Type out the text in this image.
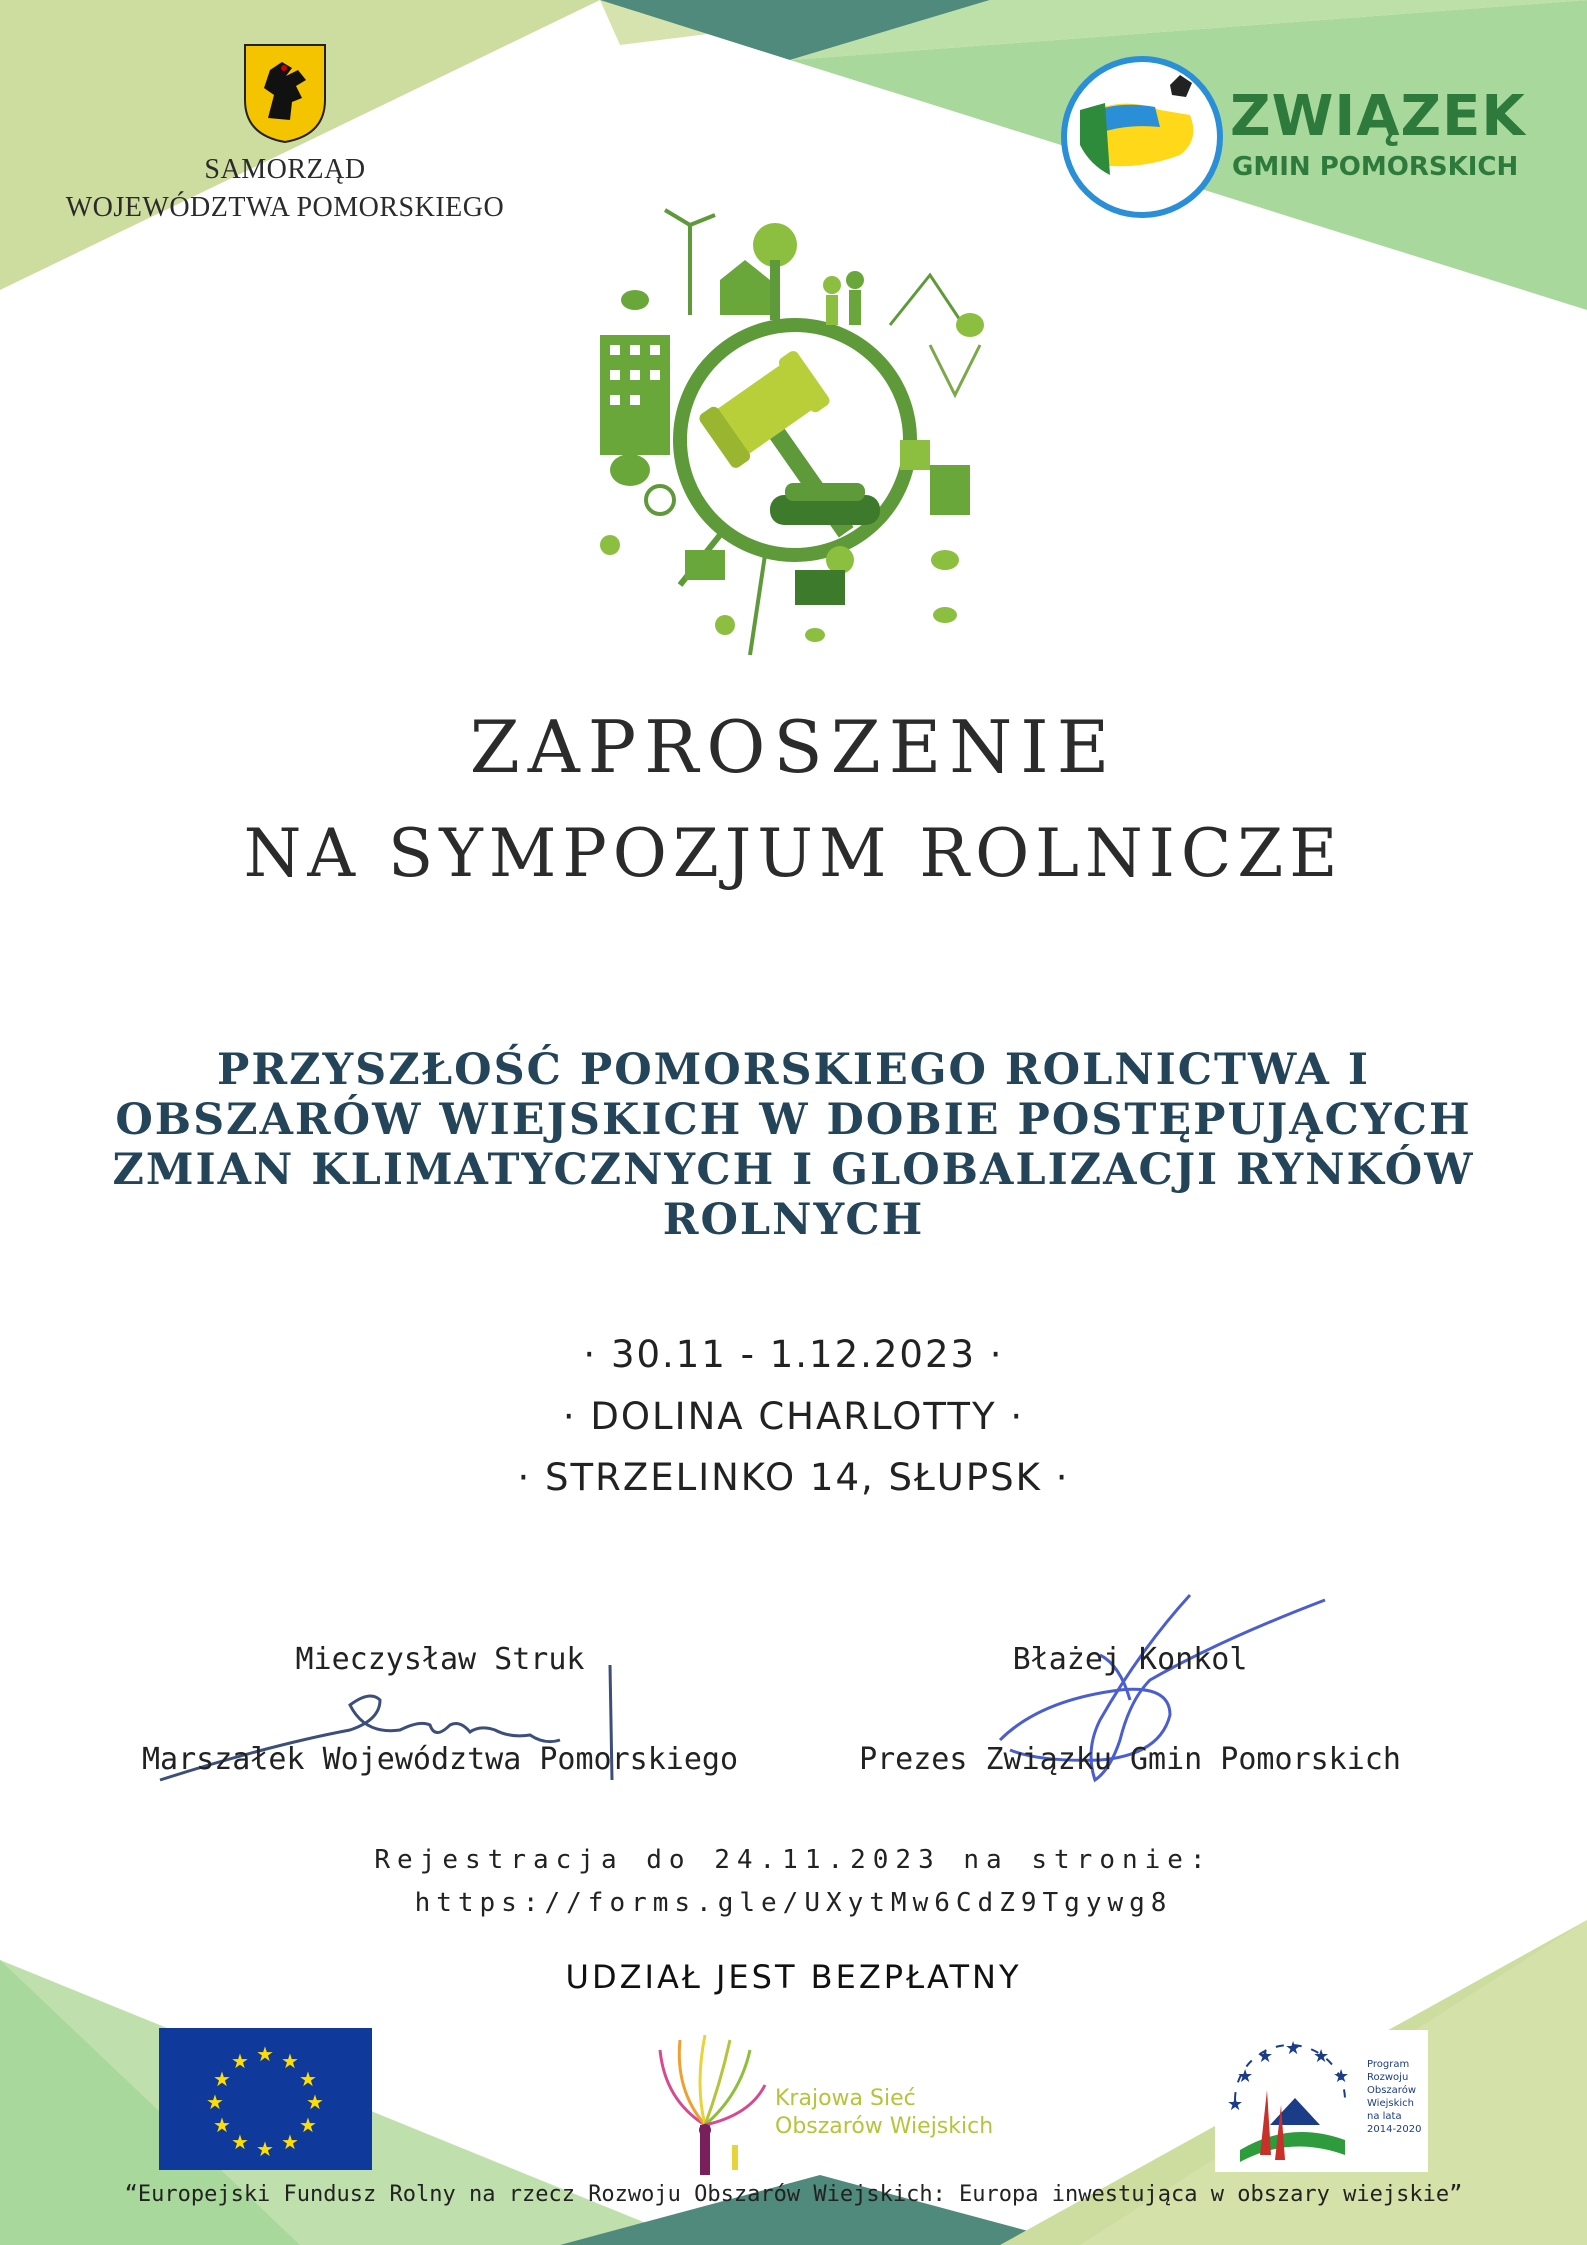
SAMORZĄD
WOJEWÓDZTWA POMORSKIEGO
ZWIĄZEK
GMIN POMORSKICH
ZAPROSZENIE
NA SYMPOZJUM ROLNICZE
PRZYSZŁOŚĆ POMORSKIEGO ROLNICTWA I OBSZARÓW WIEJSKICH W DOBIE POSTĘPUJĄCYCH ZMIAN KLIMATYCZNYCH I GLOBALIZACJI RYNKÓW ROLNYCH
· 30.11 - 1.12.2023 ·
· DOLINA CHARLOTTY ·
· STRZELINKO 14, SŁUPSK ·
Mieczysław Struk
Marszałek Województwa Pomorskiego
Błażej Konkol
Prezes Związku Gmin Pomorskich
Rejestracja do 24.11.2023 na stronie:
https://forms.gle/UXytMw6CdZ9Tgywg8
UDZIAŁ JEST BEZPŁATNY
★ ★
★
★
★
★
★
★
★
★
★
★
Krajowa Sieć
Obszarów Wiejskich
★
★
★ ★ ★
★
Program
Rozwoju
Obszarów
Wiejskich
na lata 2014-2020
“Europejski Fundusz Rolny na rzecz Rozwoju Obszarów Wiejskich: Europa inwestująca w obszary wiejskie”
